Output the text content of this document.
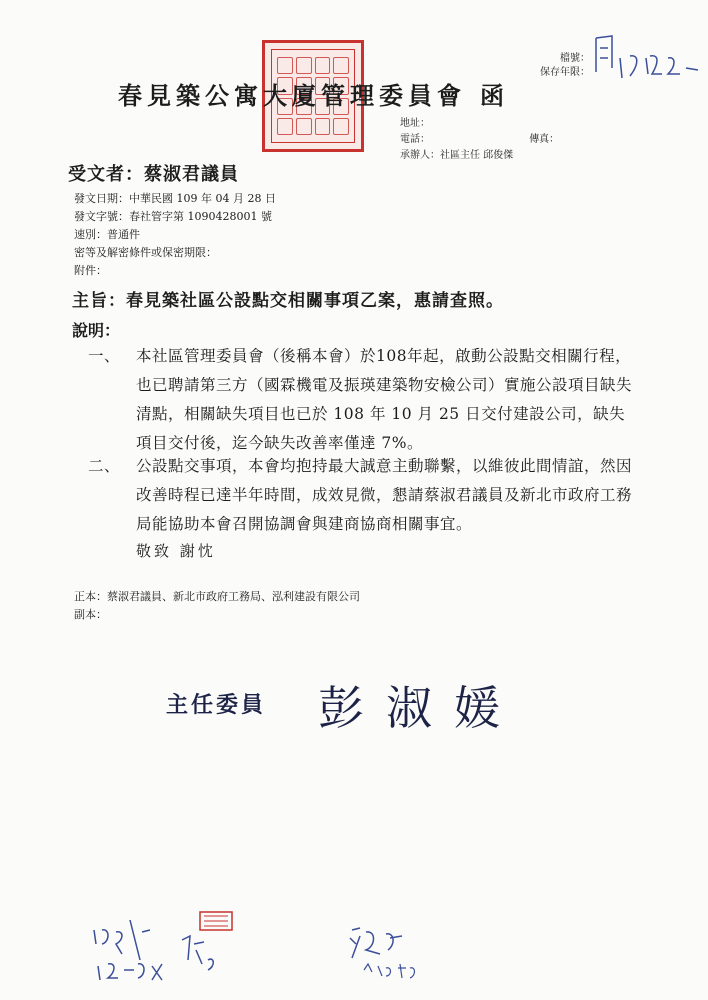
春見築公寓大廈管理委員會 函
檔號：
保存年限：
地址：
電話：	傳真：
承辦人：社區主任 邱俊傑
受文者：蔡淑君議員
發文日期：中華民國 109 年 04 月 28 日
發文字號：春社管字第 1090428001 號
速別：普通件
密等及解密條件或保密期限：
附件：
主旨：春見築社區公設點交相關事項乙案，惠請查照。
說明：
一、 本社區管理委員會（後稱本會）於108年起，啟動公設點交相關行程，也已聘請第三方（國霖機電及振瑛建築物安檢公司）實施公設項目缺失清點，相關缺失項目也已於 108 年 10 月 25 日交付建設公司，缺失項目交付後，迄今缺失改善率僅達 7%。
二、 公設點交事項，本會均抱持最大誠意主動聯繫，以維彼此間情誼，然因改善時程已達半年時間，成效見微，懇請蔡淑君議員及新北市政府工務局能協助本會召開協調會與建商協商相關事宜。
敬致 謝忱
正本：蔡淑君議員、新北市政府工務局、泓利建設有限公司
副本：
主任委員 彭淑媛
